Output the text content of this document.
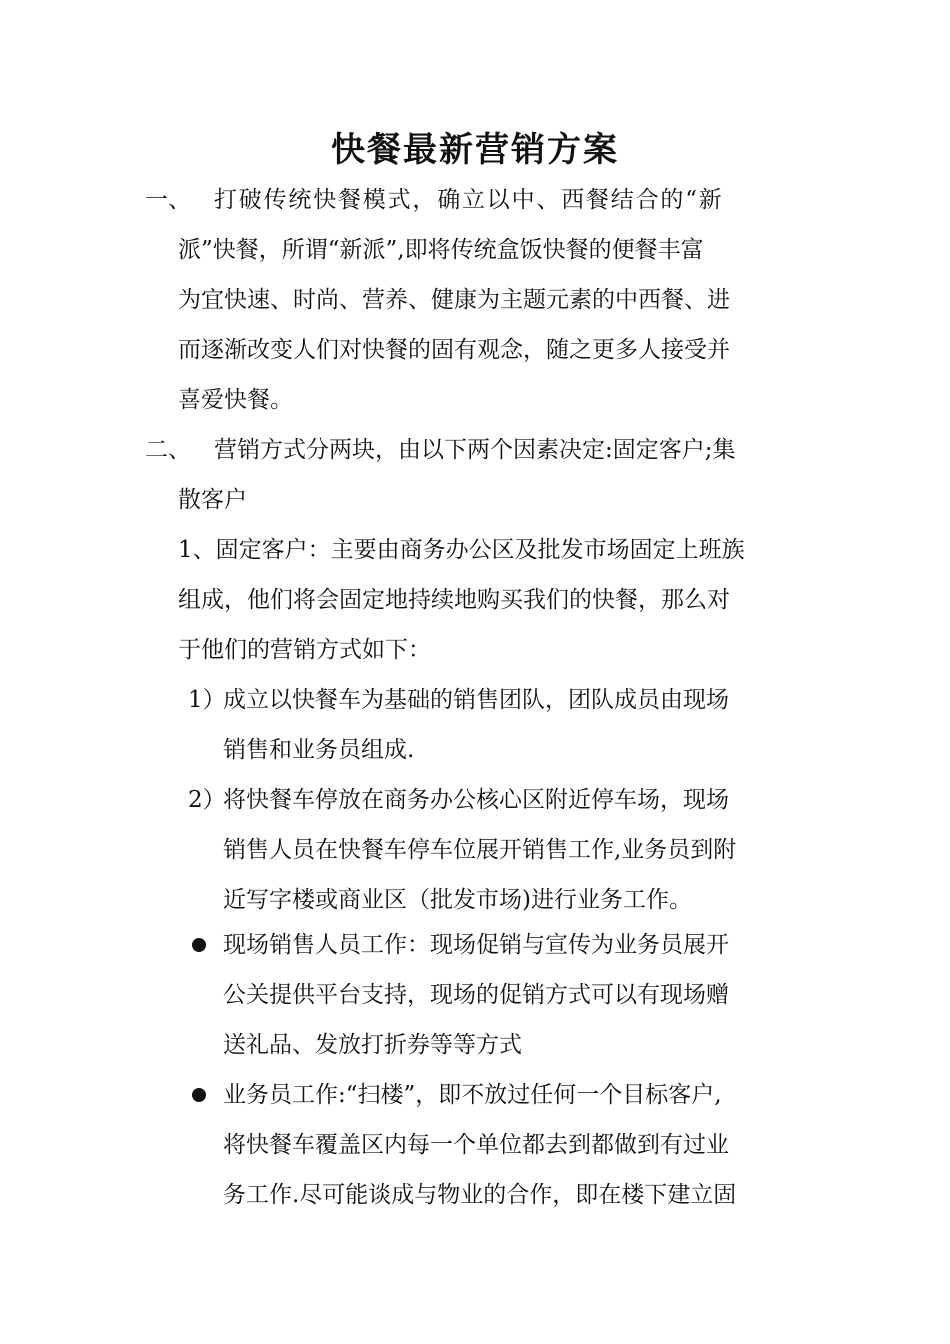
快餐最新营销方案
一、	打破传统快餐模式，确立以中、西餐结合的“新
派”快餐，所谓“新派”,即将传统盒饭快餐的便餐丰富
为宜快速、时尚、营养、健康为主题元素的中西餐、进
而逐渐改变人们对快餐的固有观念，随之更多人接受并
喜爱快餐。
二、	营销方式分两块，由以下两个因素决定:固定客户;集
散客户
1、固定客户：主要由商务办公区及批发市场固定上班族
组成，他们将会固定地持续地购买我们的快餐，那么对
于他们的营销方式如下：
1）
成立以快餐车为基础的销售团队，团队成员由现场
销售和业务员组成.
2）
将快餐车停放在商务办公核心区附近停车场，现场
销售人员在快餐车停车位展开销售工作,业务员到附
近写字楼或商业区（批发市场)进行业务工作。
现场销售人员工作：现场促销与宣传为业务员展开
公关提供平台支持，现场的促销方式可以有现场赠
送礼品、发放打折券等等方式
业务员工作:“扫楼”，即不放过任何一个目标客户,
将快餐车覆盖区内每一个单位都去到都做到有过业
务工作.尽可能谈成与物业的合作，即在楼下建立固
